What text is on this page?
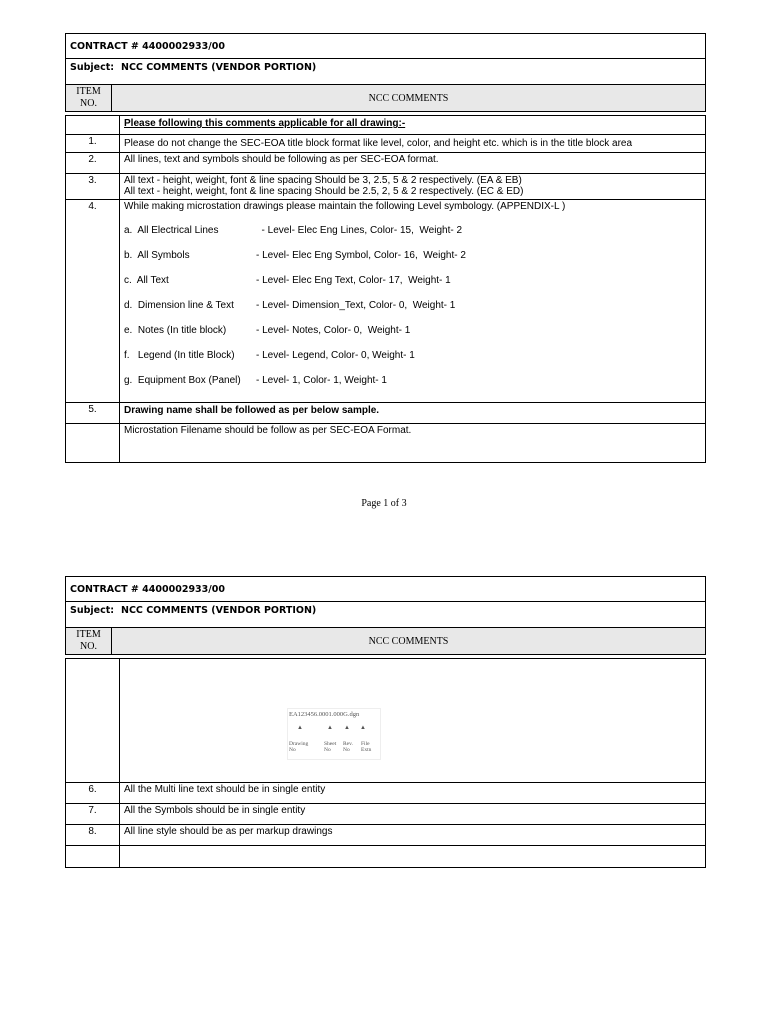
CONTRACT # 4400002933/00
Subject: NCC COMMENTS (VENDOR PORTION)
ITEM
NO.	NCC COMMENTS
Please following this comments applicable for all drawing:-
1.	Please do not change the SEC-EOA title block format like level, color, and height etc. which is in the title block area
2.	All lines, text and symbols should be following as per SEC-EOA format.
3.	All text - height, weight, font & line spacing Should be 3, 2.5, 5 & 2 respectively. (EA & EB)
All text - height, weight, font & line spacing Should be 2.5, 2, 5 & 2 respectively. (EC & ED)
4.	While making microstation drawings please maintain the following Level symbology. (APPENDIX-L )
a.  All Electrical Lines	- Level- Elec Eng Lines, Color- 15,  Weight- 2
b.  All Symbols	- Level- Elec Eng Symbol, Color- 16,  Weight- 2
c.  All Text	- Level- Elec Eng Text, Color- 17,  Weight- 1
d.  Dimension line & Text	- Level- Dimension_Text, Color- 0,  Weight- 1
e.  Notes (In title block)	- Level- Notes, Color- 0,  Weight- 1
f.   Legend (In title Block)	- Level- Legend, Color- 0, Weight- 1
g.  Equipment Box (Panel)	- Level- 1, Color- 1, Weight- 1
5.	Drawing name shall be followed as per below sample.
Microstation Filename should be follow as per SEC-EOA Format.
Page 1 of 3
CONTRACT # 4400002933/00
Subject: NCC COMMENTS (VENDOR PORTION)
ITEM
NO.	NCC COMMENTS
6.	All the Multi line text should be in single entity
7.	All the Symbols should be in single entity
8.	All line style should be as per markup drawings
EA123456.0001.000G.dgn
▲	▲ ▲ ▲
Drawing
No
Sheet
No
Rev.
No
File
Extn
